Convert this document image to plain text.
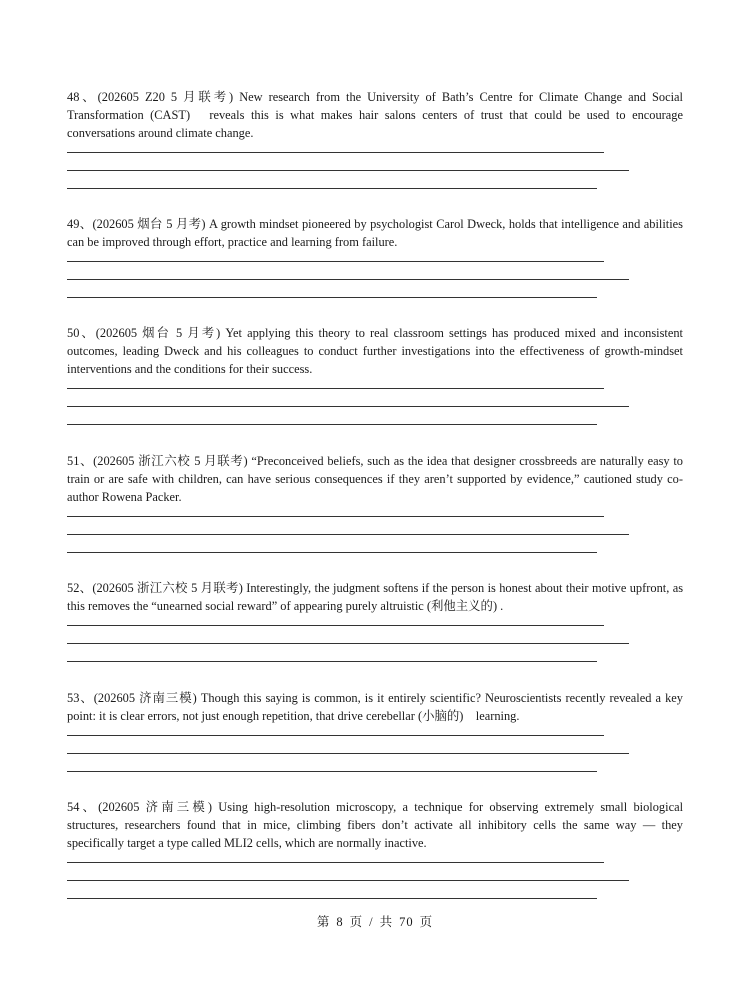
48、(202605 Z20 5 月联考) New research from the University of Bath’s Centre for Climate Change and Social Transformation (CAST)　reveals this is what makes hair salons centers of trust that could be used to encourage conversations around climate change.

49、(202605 烟台 5 月考) A growth mindset pioneered by psychologist Carol Dweck, holds that intelligence and abilities can be improved through effort, practice and learning from failure.

50、(202605 烟台 5 月考) Yet applying this theory to real classroom settings has produced mixed and inconsistent outcomes, leading Dweck and his colleagues to conduct further investigations into the effectiveness of growth-mindset interventions and the conditions for their success.

51、(202605 浙江六校 5 月联考) “Preconceived beliefs, such as the idea that designer crossbreeds are naturally easy to train or are safe with children, can have serious consequences if they aren’t supported by evidence,” cautioned study co-author Rowena Packer.

52、(202605 浙江六校 5 月联考) Interestingly, the judgment softens if the person is honest about their motive upfront, as this removes the “unearned social reward” of appearing purely altruistic (利他主义的) .

53、(202605 济南三模) Though this saying is common, is it entirely scientific? Neuroscientists recently revealed a key point: it is clear errors, not just enough repetition, that drive cerebellar (小脑的)　learning.

54、(202605 济南三模) Using high-resolution microscopy, a technique for observing extremely small biological structures, researchers found that in mice, climbing fibers don’t activate all inhibitory cells the same way — they specifically target a type called MLI2 cells, which are normally inactive.

第 8 页 / 共 70 页
